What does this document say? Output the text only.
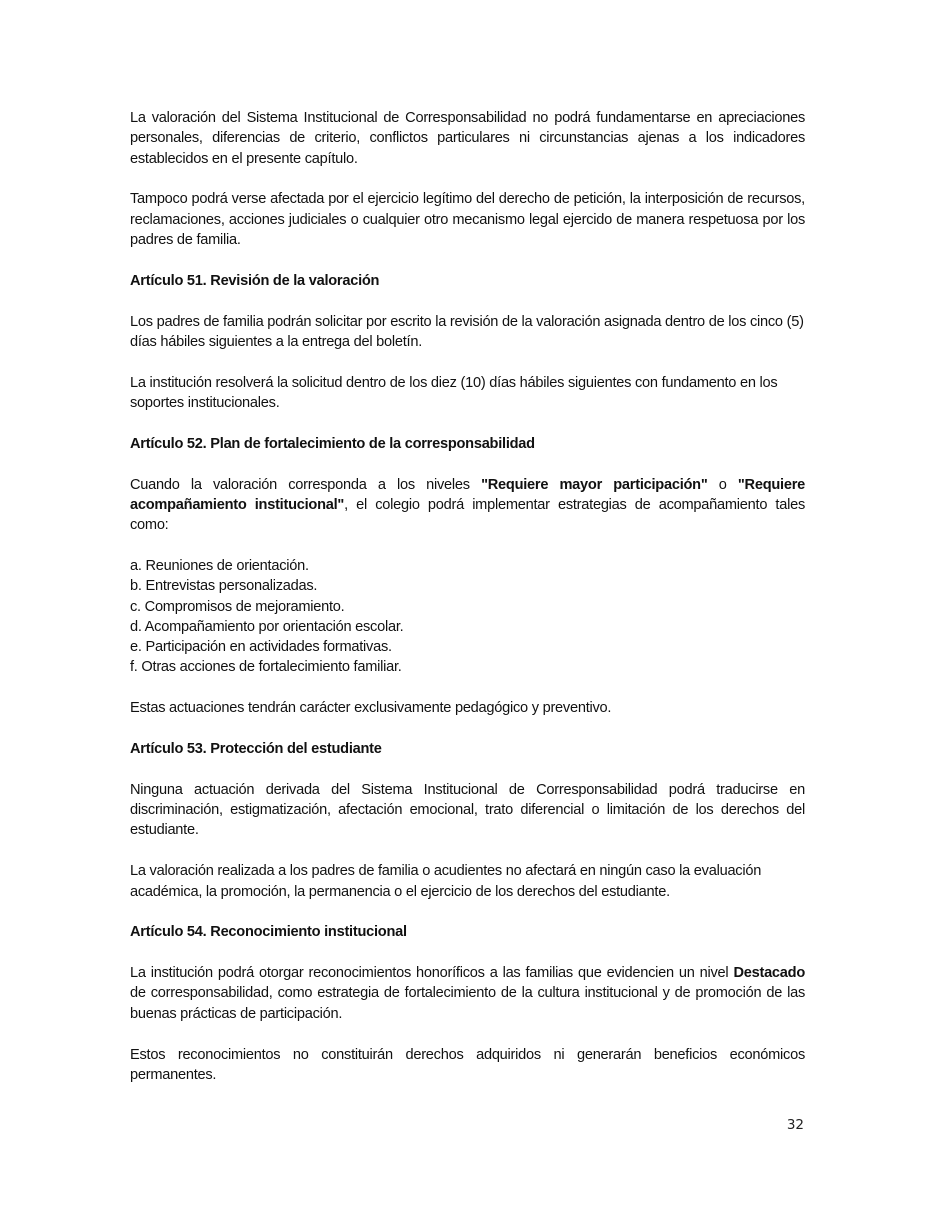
La valoración del Sistema Institucional de Corresponsabilidad no podrá fundamentarse en apreciaciones personales, diferencias de criterio, conflictos particulares ni circunstancias ajenas a los indicadores establecidos en el presente capítulo.

Tampoco podrá verse afectada por el ejercicio legítimo del derecho de petición, la interposición de recursos, reclamaciones, acciones judiciales o cualquier otro mecanismo legal ejercido de manera respetuosa por los padres de familia.

Artículo 51. Revisión de la valoración

Los padres de familia podrán solicitar por escrito la revisión de la valoración asignada dentro de los cinco (5) días hábiles siguientes a la entrega del boletín.

La institución resolverá la solicitud dentro de los diez (10) días hábiles siguientes con fundamento en los soportes institucionales.

Artículo 52. Plan de fortalecimiento de la corresponsabilidad

Cuando la valoración corresponda a los niveles "Requiere mayor participación" o "Requiere acompañamiento institucional", el colegio podrá implementar estrategias de acompañamiento tales como:

a. Reuniones de orientación.
b. Entrevistas personalizadas.
c. Compromisos de mejoramiento.
d. Acompañamiento por orientación escolar.
e. Participación en actividades formativas.
f. Otras acciones de fortalecimiento familiar.

Estas actuaciones tendrán carácter exclusivamente pedagógico y preventivo.

Artículo 53. Protección del estudiante

Ninguna actuación derivada del Sistema Institucional de Corresponsabilidad podrá traducirse en discriminación, estigmatización, afectación emocional, trato diferencial o limitación de los derechos del estudiante.

La valoración realizada a los padres de familia o acudientes no afectará en ningún caso la evaluación académica, la promoción, la permanencia o el ejercicio de los derechos del estudiante.

Artículo 54. Reconocimiento institucional

La institución podrá otorgar reconocimientos honoríficos a las familias que evidencien un nivel Destacado de corresponsabilidad, como estrategia de fortalecimiento de la cultura institucional y de promoción de las buenas prácticas de participación.

Estos reconocimientos no constituirán derechos adquiridos ni generarán beneficios económicos permanentes.

32
